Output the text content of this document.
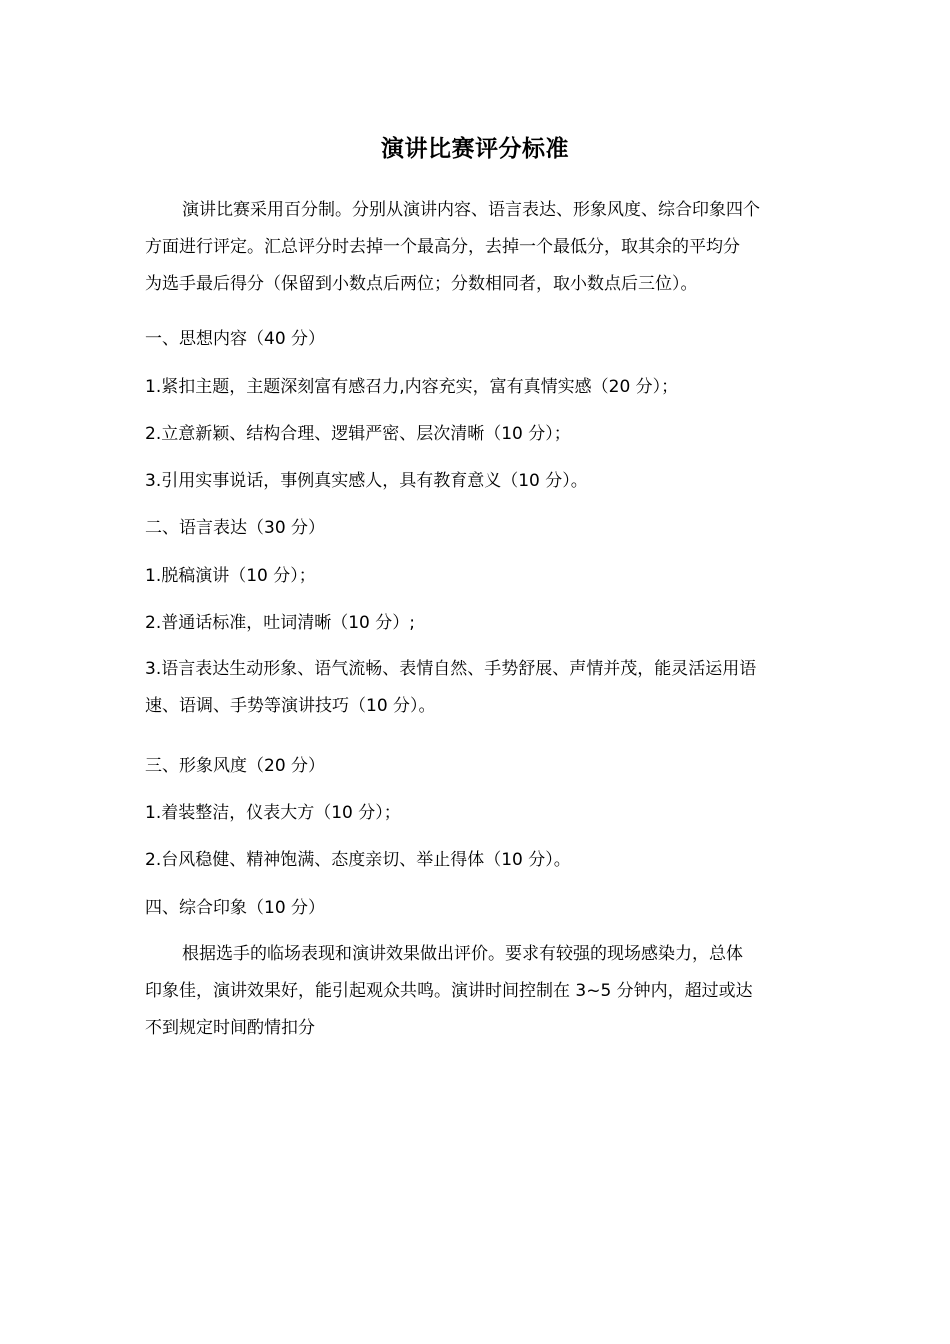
演讲比赛评分标准

演讲比赛采用百分制。分别从演讲内容、语言表达、形象风度、综合印象四个

方面进行评定。汇总评分时去掉一个最高分，去掉一个最低分，取其余的平均分

为选手最后得分（保留到小数点后两位；分数相同者，取小数点后三位）。

一、思想内容（40 分）
1.紧扣主题，主题深刻富有感召力,内容充实，富有真情实感（20 分）；
2.立意新颖、结构合理、逻辑严密、层次清晰（10 分）；
3.引用实事说话，事例真实感人，具有教育意义（10 分）。
二、语言表达（30 分）
1.脱稿演讲（10 分）；
2.普通话标准，吐词清晰（10 分）;

3.语言表达生动形象、语气流畅、表情自然、手势舒展、声情并茂，能灵活运用语

速、语调、手势等演讲技巧（10 分）。

三、形象风度（20 分）
1.着装整洁，仪表大方（10 分）；
2.台风稳健、精神饱满、态度亲切、举止得体（10 分）。
四、综合印象（10 分）

根据选手的临场表现和演讲效果做出评价。要求有较强的现场感染力，总体

印象佳，演讲效果好，能引起观众共鸣。演讲时间控制在 3~5 分钟内，超过或达

不到规定时间酌情扣分
